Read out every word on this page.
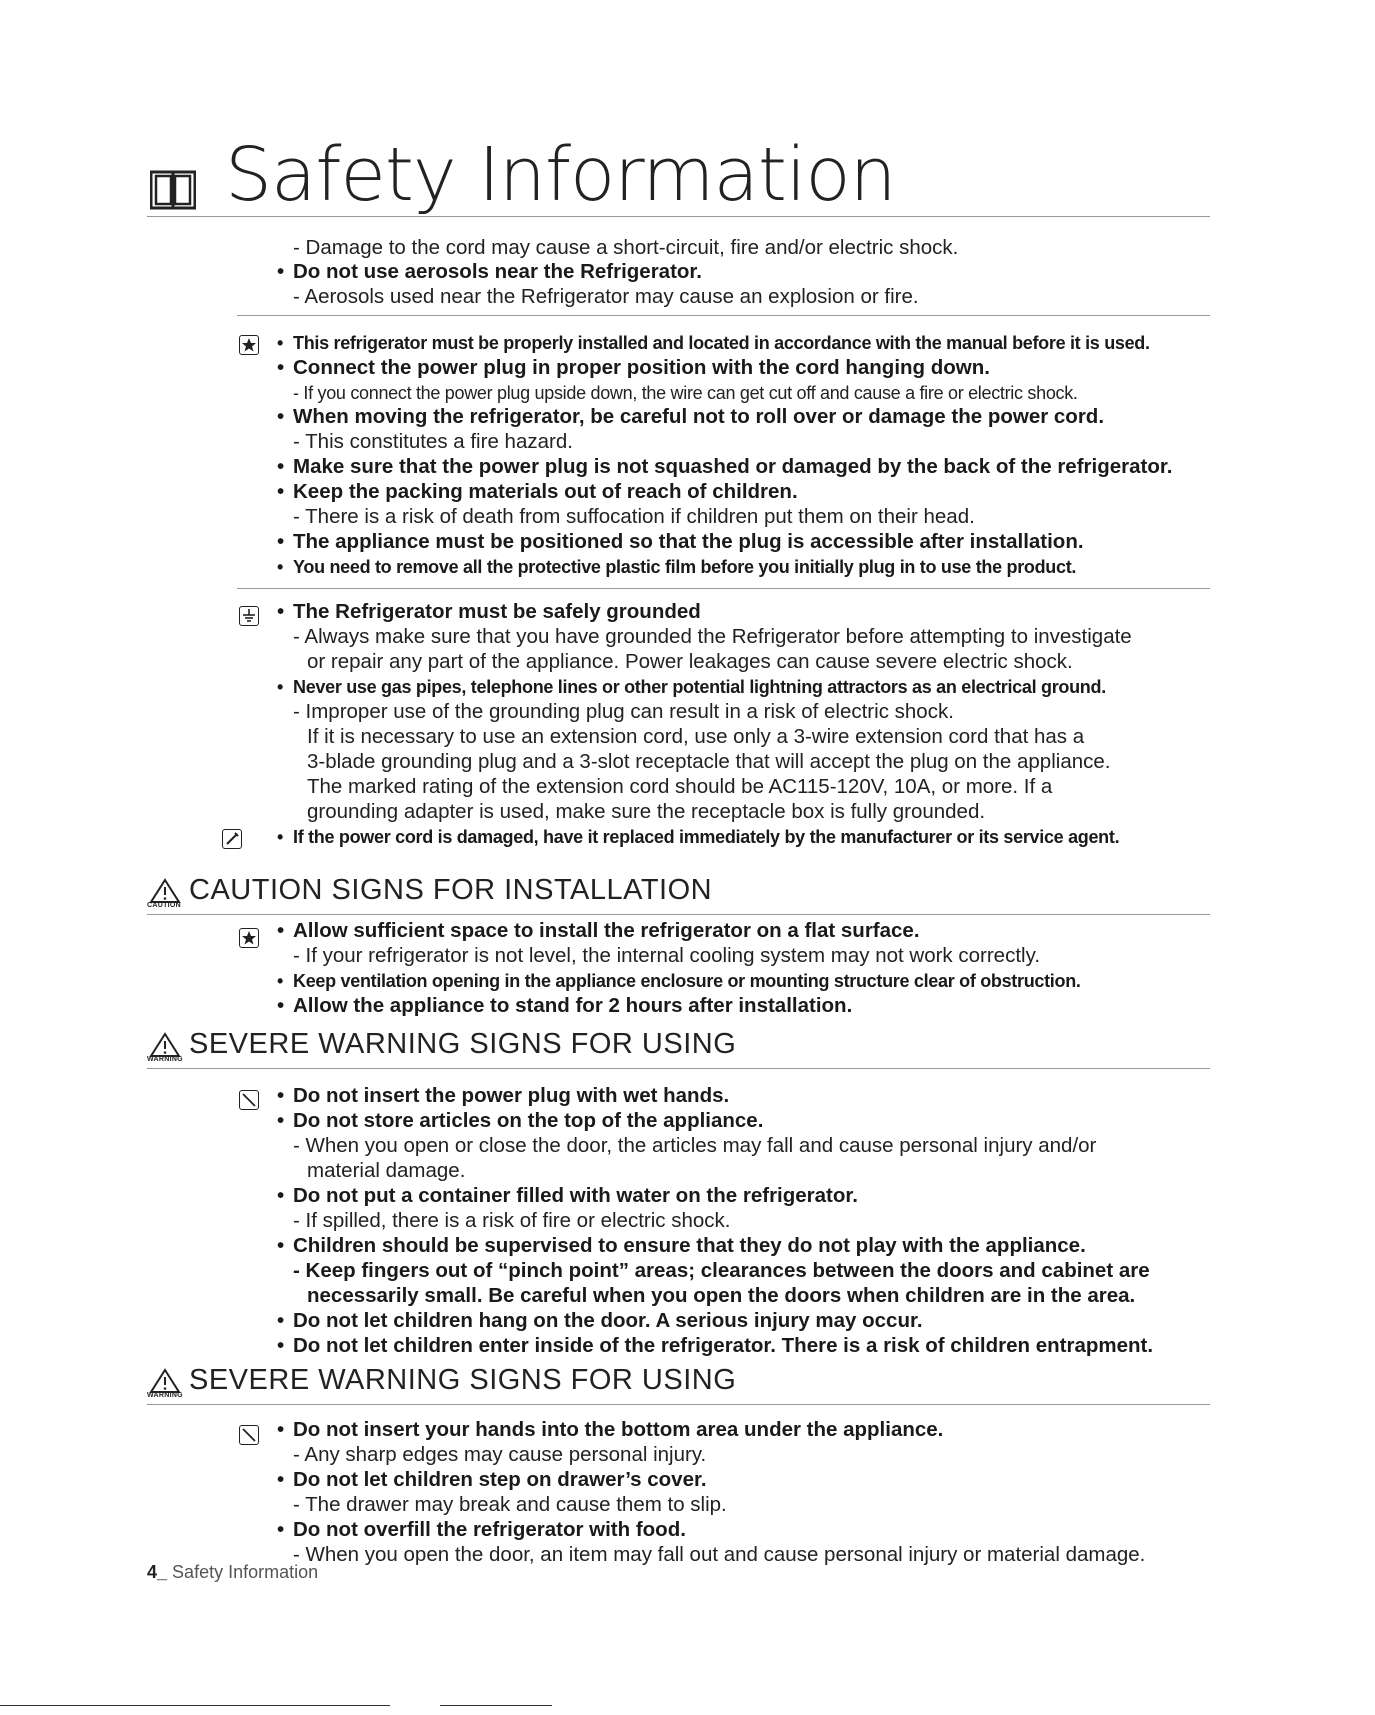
Safety Information
- Damage to the cord may cause a short-circuit, fire and/or electric shock.
• Do not use aerosols near the Refrigerator.
- Aerosols used near the Refrigerator may cause an explosion or fire.
• This refrigerator must be properly installed and located in accordance with the manual before it is used.
• Connect the power plug in proper position with the cord hanging down.
- If you connect the power plug upside down, the wire can get cut off and cause a fire or electric shock.
• When moving the refrigerator, be careful not to roll over or damage the power cord.
- This constitutes a fire hazard.
• Make sure that the power plug is not squashed or damaged by the back of the refrigerator.
• Keep the packing materials out of reach of children.
- There is a risk of death from suffocation if children put them on their head.
• The appliance must be positioned so that the plug is accessible after installation.
• You need to remove all the protective plastic film before you initially plug in to use the product.
• The Refrigerator must be safely grounded
- Always make sure that you have grounded the Refrigerator before attempting to investigate
or repair any part of the appliance. Power leakages can cause severe electric shock.
• Never use gas pipes, telephone lines or other potential lightning attractors as an electrical ground.
- Improper use of the grounding plug can result in a risk of electric shock.
If it is necessary to use an extension cord, use only a 3-wire extension cord that has a
3-blade grounding plug and a 3-slot receptacle that will accept the plug on the appliance.
The marked rating of the extension cord should be AC115-120V, 10A, or more. If a
grounding adapter is used, make sure the receptacle box is fully grounded.
• If the power cord is damaged, have it replaced immediately by the manufacturer or its service agent.
CAUTION CAUTION SIGNS FOR INSTALLATION
• Allow sufficient space to install the refrigerator on a flat surface.
- If your refrigerator is not level, the internal cooling system may not work correctly.
• Keep ventilation opening in the appliance enclosure or mounting structure clear of obstruction.
• Allow the appliance to stand for 2 hours after installation.
WARNING SEVERE WARNING SIGNS FOR USING
• Do not insert the power plug with wet hands.
• Do not store articles on the top of the appliance.
- When you open or close the door, the articles may fall and cause personal injury and/or
material damage.
• Do not put a container filled with water on the refrigerator.
- If spilled, there is a risk of fire or electric shock.
• Children should be supervised to ensure that they do not play with the appliance.
- Keep fingers out of “pinch point” areas; clearances between the doors and cabinet are
necessarily small. Be careful when you open the doors when children are in the area.
• Do not let children hang on the door. A serious injury may occur.
• Do not let children enter inside of the refrigerator. There is a risk of children entrapment.
WARNING SEVERE WARNING SIGNS FOR USING
• Do not insert your hands into the bottom area under the appliance.
- Any sharp edges may cause personal injury.
• Do not let children step on drawer’s cover.
- The drawer may break and cause them to slip.
• Do not overfill the refrigerator with food.
- When you open the door, an item may fall out and cause personal injury or material damage.
4_ Safety Information
